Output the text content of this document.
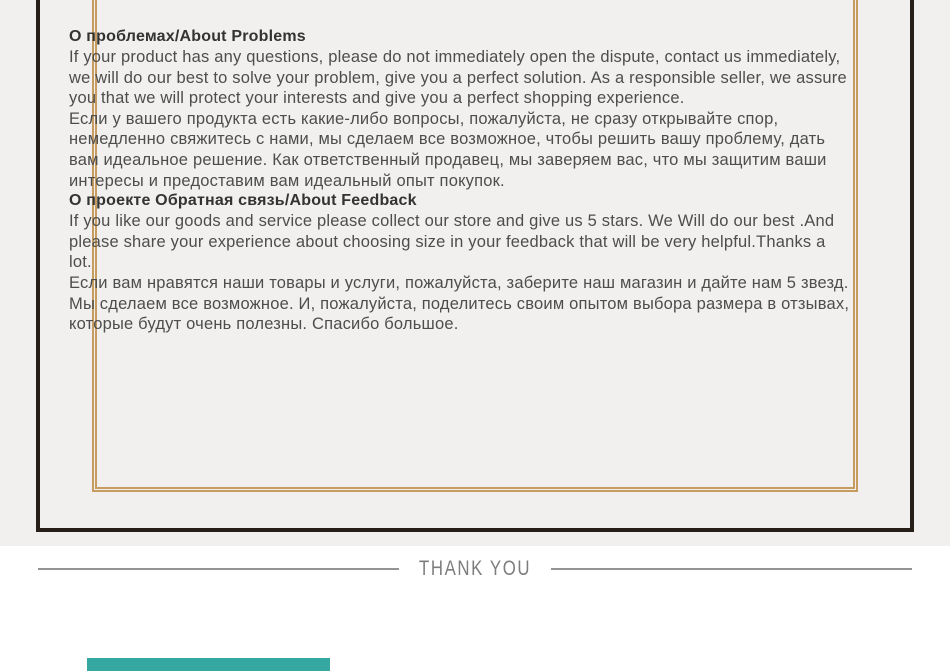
О проблемах/About Problems
If your product has any questions, please do not immediately open the dispute, contact us immediately,
we will do our best to solve your problem, give you a perfect solution. As a responsible seller, we assure
you that we will protect your interests and give you a perfect shopping experience.
Если у вашего продукта есть какие-либо вопросы, пожалуйста, не сразу открывайте спор,
немедленно свяжитесь с нами, мы сделаем все возможное, чтобы решить вашу проблему, дать
вам идеальное решение. Как ответственный продавец, мы заверяем вас, что мы защитим ваши
интересы и предоставим вам идеальный опыт покупок.
О проекте Обратная связь/About Feedback
If you like our goods and service please collect our store and give us 5 stars. We Will do our best .And
please share your experience about choosing size in your feedback that will be very helpful.Thanks a
lot.
Если вам нравятся наши товары и услуги, пожалуйста, заберите наш магазин и дайте нам 5 звезд.
Мы сделаем все возможное. И, пожалуйста, поделитесь своим опытом выбора размера в отзывах,
которые будут очень полезны. Спасибо большое.
THANK YOU
